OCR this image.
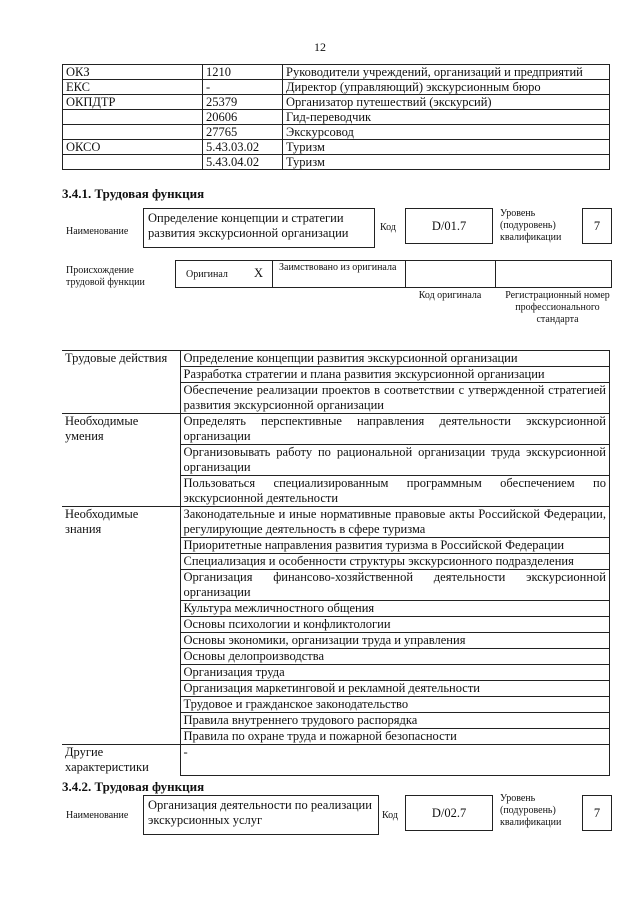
12
ОКЗ	1210	Руководители учреждений, организаций и предприятий
ЕКС	-	Директор (управляющий) экскурсионным бюро
ОКПДТР	25379	Организатор путешествий (экскурсий)
	20606	Гид-переводчик
	27765	Экскурсовод
ОКСО	5.43.03.02	Туризм
	5.43.04.02	Туризм
3.4.1. Трудовая функция
Наименование
Определение концепции и стратегии развития экскурсионной организации	Код	D/01.7
Уровень (подуровень) квалификации
7
Происхождение трудовой функции
Оригинал X Заимствовано из оригинала
Код оригинала	Регистрационный номер профессионального стандарта
Трудовые действия	Определение концепции развития экскурсионной организации
	Разработка стратегии и плана развития экскурсионной организации
	Обеспечение реализации проектов в соответствии с утвержденной стратегией развития экскурсионной организации
Необходимые умения	Определять перспективные направления деятельности экскурсионной организации
	Организовывать работу по рациональной организации труда экскурсионной организации
	Пользоваться специализированным программным обеспечением по экскурсионной деятельности
Необходимые знания	Законодательные и иные нормативные правовые акты Российской Федерации, регулирующие деятельность в сфере туризма
	Приоритетные направления развития туризма в Российской Федерации
	Специализация и особенности структуры экскурсионного подразделения
	Организация финансово-хозяйственной деятельности экскурсионной организации
	Культура межличностного общения
	Основы психологии и конфликтологии
	Основы экономики, организации труда и управления
	Основы делопроизводства
	Организация труда
	Организация маркетинговой и рекламной деятельности
	Трудовое и гражданское законодательство
	Правила внутреннего трудового распорядка
	Правила по охране труда и пожарной безопасности
Другие характеристики	-
3.4.2. Трудовая функция
Наименование
Организация деятельности по реализации экскурсионных услуг	Код	D/02.7
Уровень (подуровень) квалификации
7
